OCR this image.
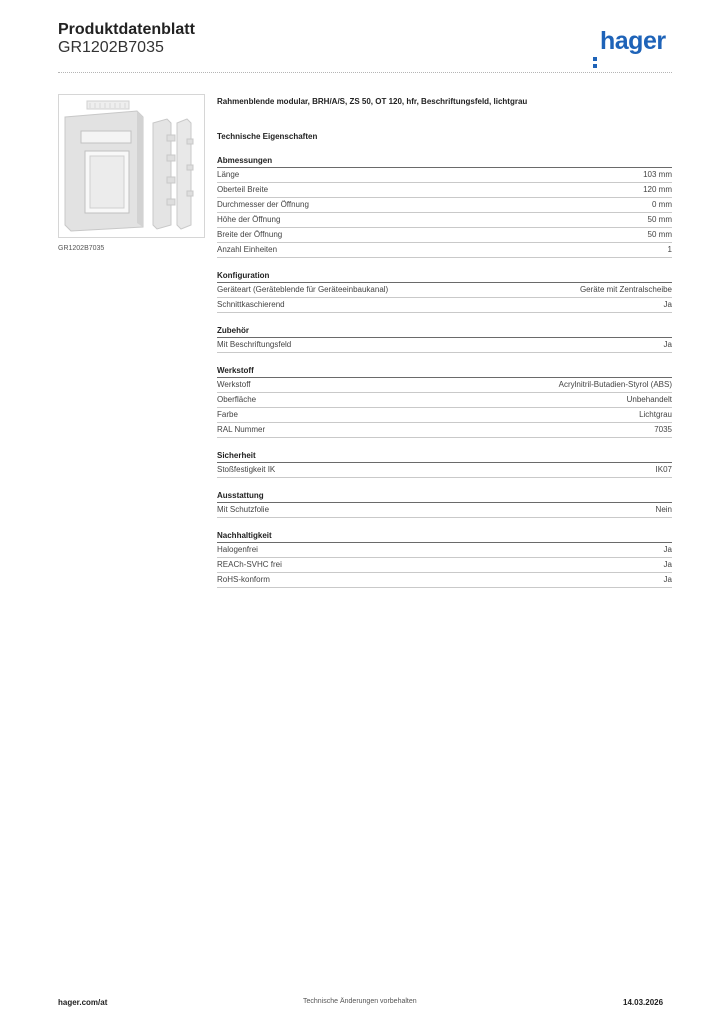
Produktdatenblatt
GR1202B7035	hager
GR1202B7035
Rahmenblende modular, BRH/A/S, ZS 50, OT 120, hfr, Beschriftungsfeld, lichtgrau
Technische Eigenschaften
Abmessungen
Länge	103 mm
Oberteil Breite	120 mm
Durchmesser der Öffnung	0 mm
Höhe der Öffnung	50 mm
Breite der Öffnung	50 mm
Anzahl Einheiten	1
Konfiguration
Geräteart (Geräteblende für Geräteeinbaukanal)	Geräte mit Zentralscheibe
Schnittkaschierend	Ja
Zubehör
Mit Beschriftungsfeld	Ja
Werkstoff
Werkstoff	Acrylnitril-Butadien-Styrol (ABS)
Oberfläche	Unbehandelt
Farbe	Lichtgrau
RAL Nummer	7035
Sicherheit
Stoßfestigkeit IK	IK07
Ausstattung
Mit Schutzfolie	Nein
Nachhaltigkeit
Halogenfrei	Ja
REACh-SVHC frei	Ja
RoHS-konform	Ja
hager.com/at	Technische Änderungen vorbehalten	14.03.2026
